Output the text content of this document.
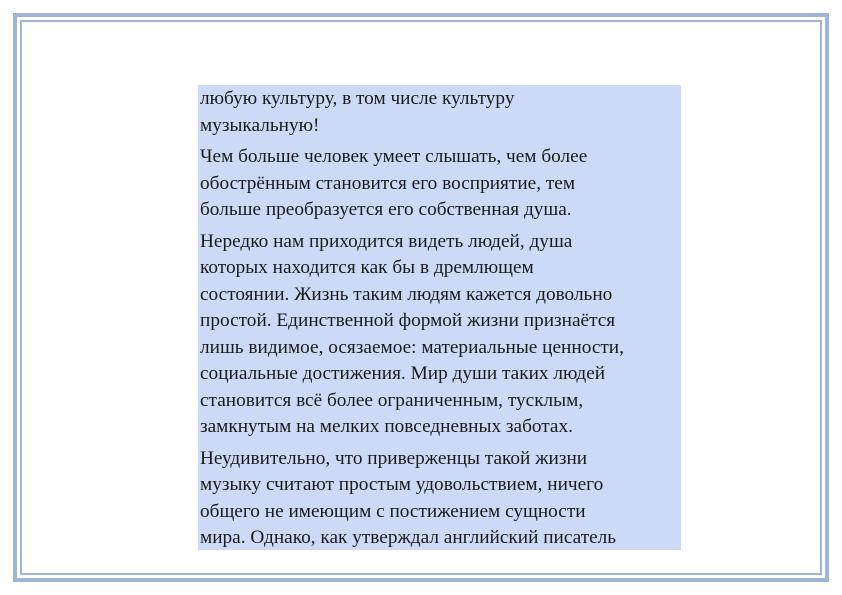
любую культуру, в том числе культуру
музыкальную!

Чем больше человек умеет слышать, чем более
обострённым становится его восприятие, тем
больше преобразуется его собственная душа.

Нередко нам приходится видеть людей, душа
которых находится как бы в дремлющем
состоянии. Жизнь таким людям кажется довольно
простой. Единственной формой жизни признаётся
лишь видимое, осязаемое: материальные ценности,
социальные достижения. Мир души таких людей
становится всё более ограниченным, тусклым,
замкнутым на мелких повседневных заботах.

Неудивительно, что приверженцы такой жизни
музыку считают простым удовольствием, ничего
общего не имеющим с постижением сущности
мира. Однако, как утверждал английский писатель
